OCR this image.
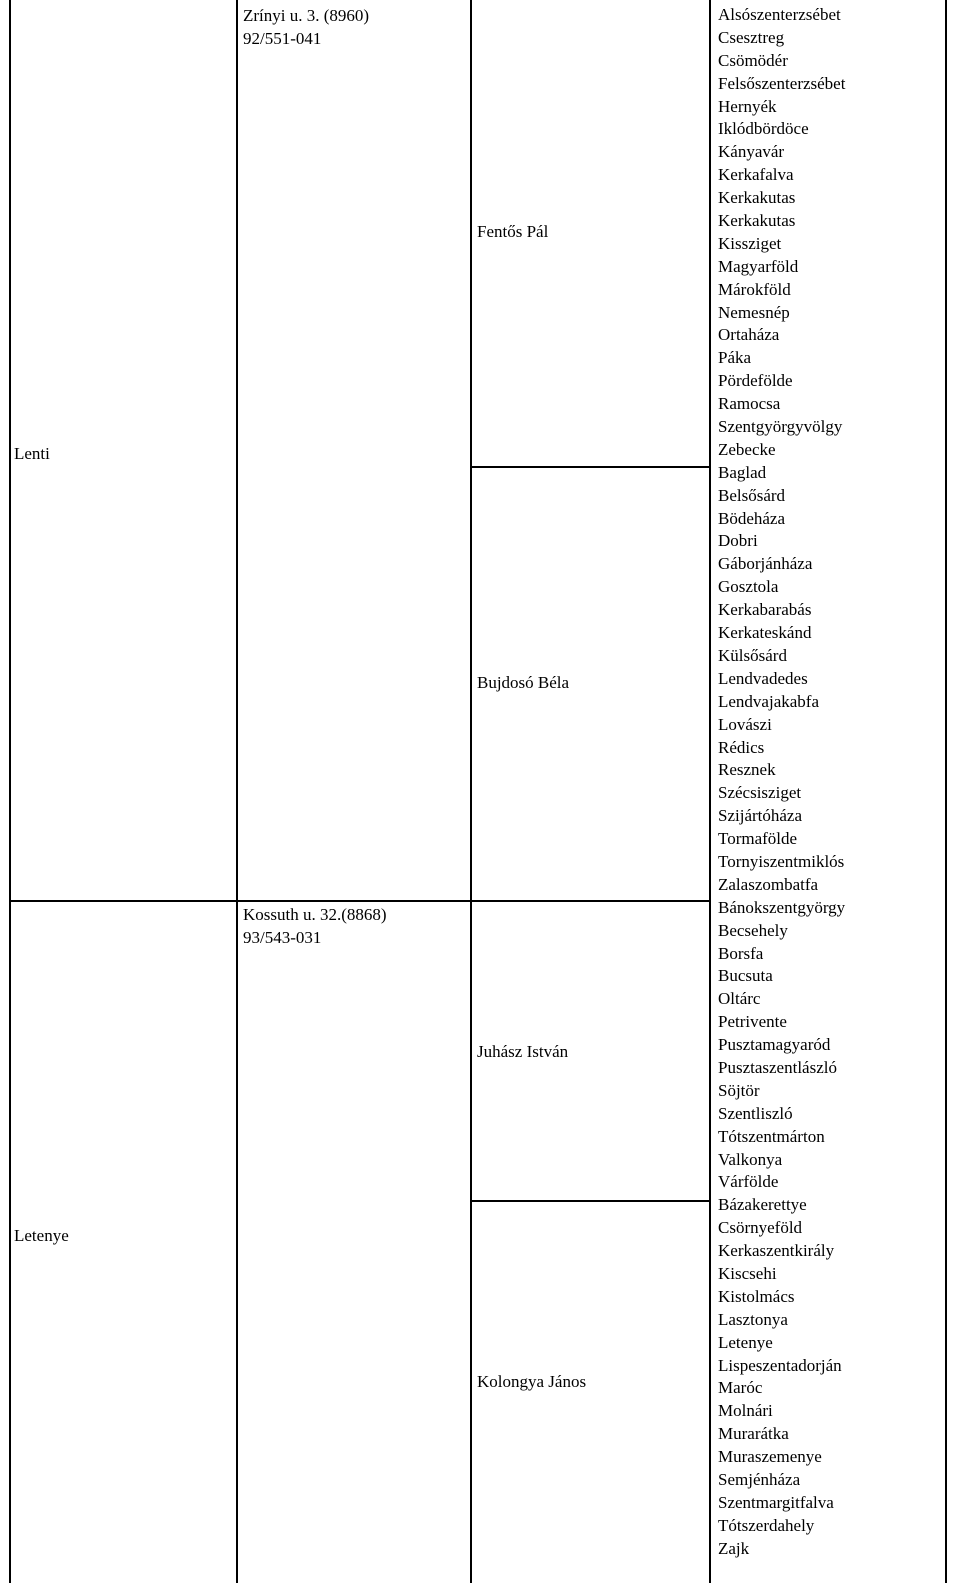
Lenti

Letenye

Zrínyi u. 3. (8960)
92/551-041
Kossuth u. 32.(8868)
93/543-031

Fentős Pál

Bujdosó Béla

Juhász István

Kolongya János

Alsószenterzsébet
Csesztreg
Csömödér
Felsőszenterzsébet
Hernyék
Iklódbördöce
Kányavár
Kerkafalva
Kerkakutas
Kerkakutas
Kissziget
Magyarföld
Márokföld
Nemesnép
Ortaháza
Páka
Pördefölde
Ramocsa
Szentgyörgyvölgy
Zebecke
Baglad
Belsősárd
Bödeháza
Dobri
Gáborjánháza
Gosztola
Kerkabarabás
Kerkateskánd
Külsősárd
Lendvadedes
Lendvajakabfa
Lovászi
Rédics
Resznek
Szécsisziget
Szijártóháza
Tormafölde
Tornyiszentmiklós
Zalaszombatfa
Bánokszentgyörgy
Becsehely
Borsfa
Bucsuta
Oltárc
Petrivente
Pusztamagyaród
Pusztaszentlászló
Söjtör
Szentliszló
Tótszentmárton
Valkonya
Várfölde
Bázakerettye
Csörnyeföld
Kerkaszentkirály
Kiscsehi
Kistolmács
Lasztonya
Letenye
Lispeszentadorján
Maróc
Molnári
Murarátka
Muraszemenye
Semjénháza
Szentmargitfalva
Tótszerdahely
Zajk
